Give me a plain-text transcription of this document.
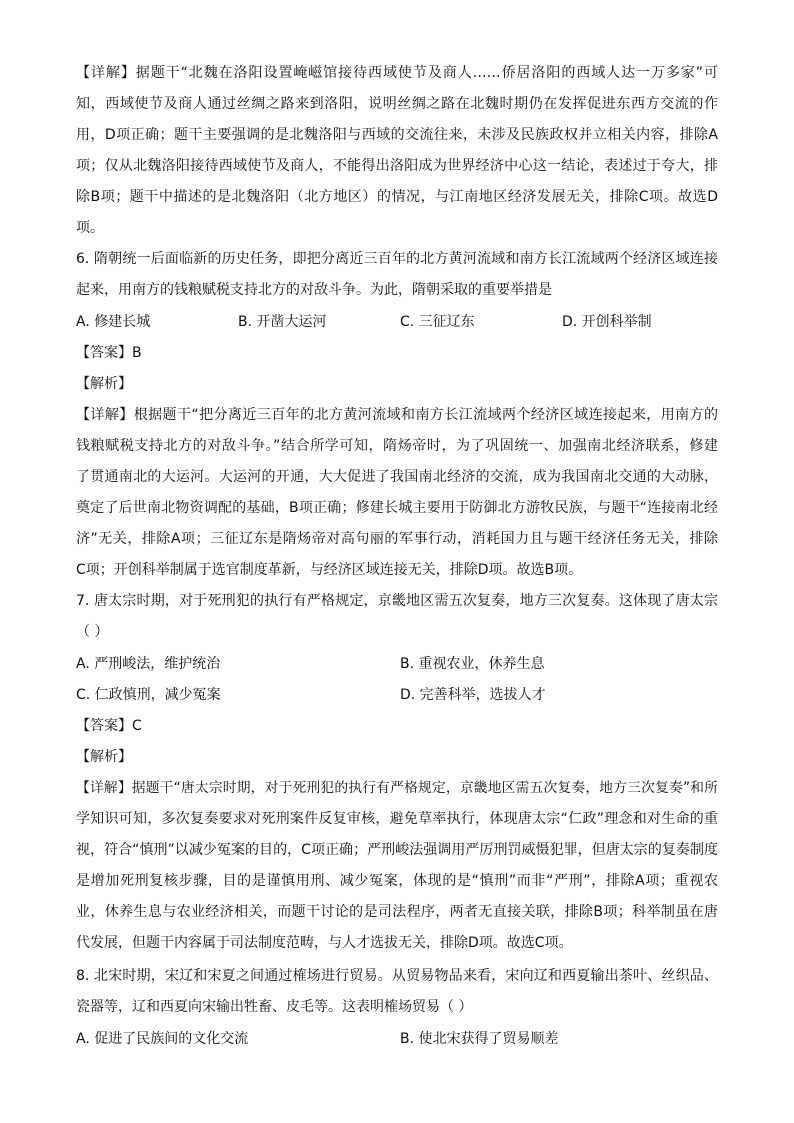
【详解】据题干“北魏在洛阳设置崦嵫馆接待西域使节及商人……侨居洛阳的西域人达一万多家”可
知，西域使节及商人通过丝绸之路来到洛阳，说明丝绸之路在北魏时期仍在发挥促进东西方交流的作
用，D项正确；题干主要强调的是北魏洛阳与西域的交流往来，未涉及民族政权并立相关内容，排除A
项；仅从北魏洛阳接待西域使节及商人，不能得出洛阳成为世界经济中心这一结论，表述过于夸大，排
除B项；题干中描述的是北魏洛阳（北方地区）的情况，与江南地区经济发展无关，排除C项。故选D
项。
6. 隋朝统一后面临新的历史任务，即把分离近三百年的北方黄河流域和南方长江流域两个经济区域连接
起来，用南方的钱粮赋税支持北方的对敌斗争。为此，隋朝采取的重要举措是
A. 修建长城	B. 开凿大运河	C. 三征辽东	D. 开创科举制
【答案】B
【解析】
【详解】根据题干“把分离近三百年的北方黄河流域和南方长江流域两个经济区域连接起来，用南方的
钱粮赋税支持北方的对敌斗争。”结合所学可知，隋炀帝时，为了巩固统一、加强南北经济联系，修建
了贯通南北的大运河。大运河的开通，大大促进了我国南北经济的交流，成为我国南北交通的大动脉，
奠定了后世南北物资调配的基础，B项正确；修建长城主要用于防御北方游牧民族，与题干“连接南北经
济”无关，排除A项；三征辽东是隋炀帝对高句丽的军事行动，消耗国力且与题干经济任务无关，排除
C项；开创科举制属于选官制度革新，与经济区域连接无关，排除D项。故选B项。
7. 唐太宗时期，对于死刑犯的执行有严格规定，京畿地区需五次复奏，地方三次复奏。这体现了唐太宗
（ ）
A. 严刑峻法，维护统治	B. 重视农业，休养生息
C. 仁政慎刑，减少冤案	D. 完善科举，选拔人才
【答案】C
【解析】
【详解】据题干“唐太宗时期，对于死刑犯的执行有严格规定，京畿地区需五次复奏，地方三次复奏”和所
学知识可知，多次复奏要求对死刑案件反复审核，避免草率执行，体现唐太宗“仁政”理念和对生命的重
视，符合“慎刑”以减少冤案的目的，C项正确；严刑峻法强调用严厉刑罚威慑犯罪，但唐太宗的复奏制度
是增加死刑复核步骤，目的是谨慎用刑、减少冤案，体现的是“慎刑”而非“严刑”，排除A项；重视农
业，休养生息与农业经济相关，而题干讨论的是司法程序，两者无直接关联，排除B项；科举制虽在唐
代发展，但题干内容属于司法制度范畴，与人才选拔无关，排除D项。故选C项。
8. 北宋时期，宋辽和宋夏之间通过榷场进行贸易。从贸易物品来看，宋向辽和西夏输出茶叶、丝织品、
瓷器等，辽和西夏向宋输出牲畜、皮毛等。这表明榷场贸易（ ）
A. 促进了民族间的文化交流	B. 使北宋获得了贸易顺差
